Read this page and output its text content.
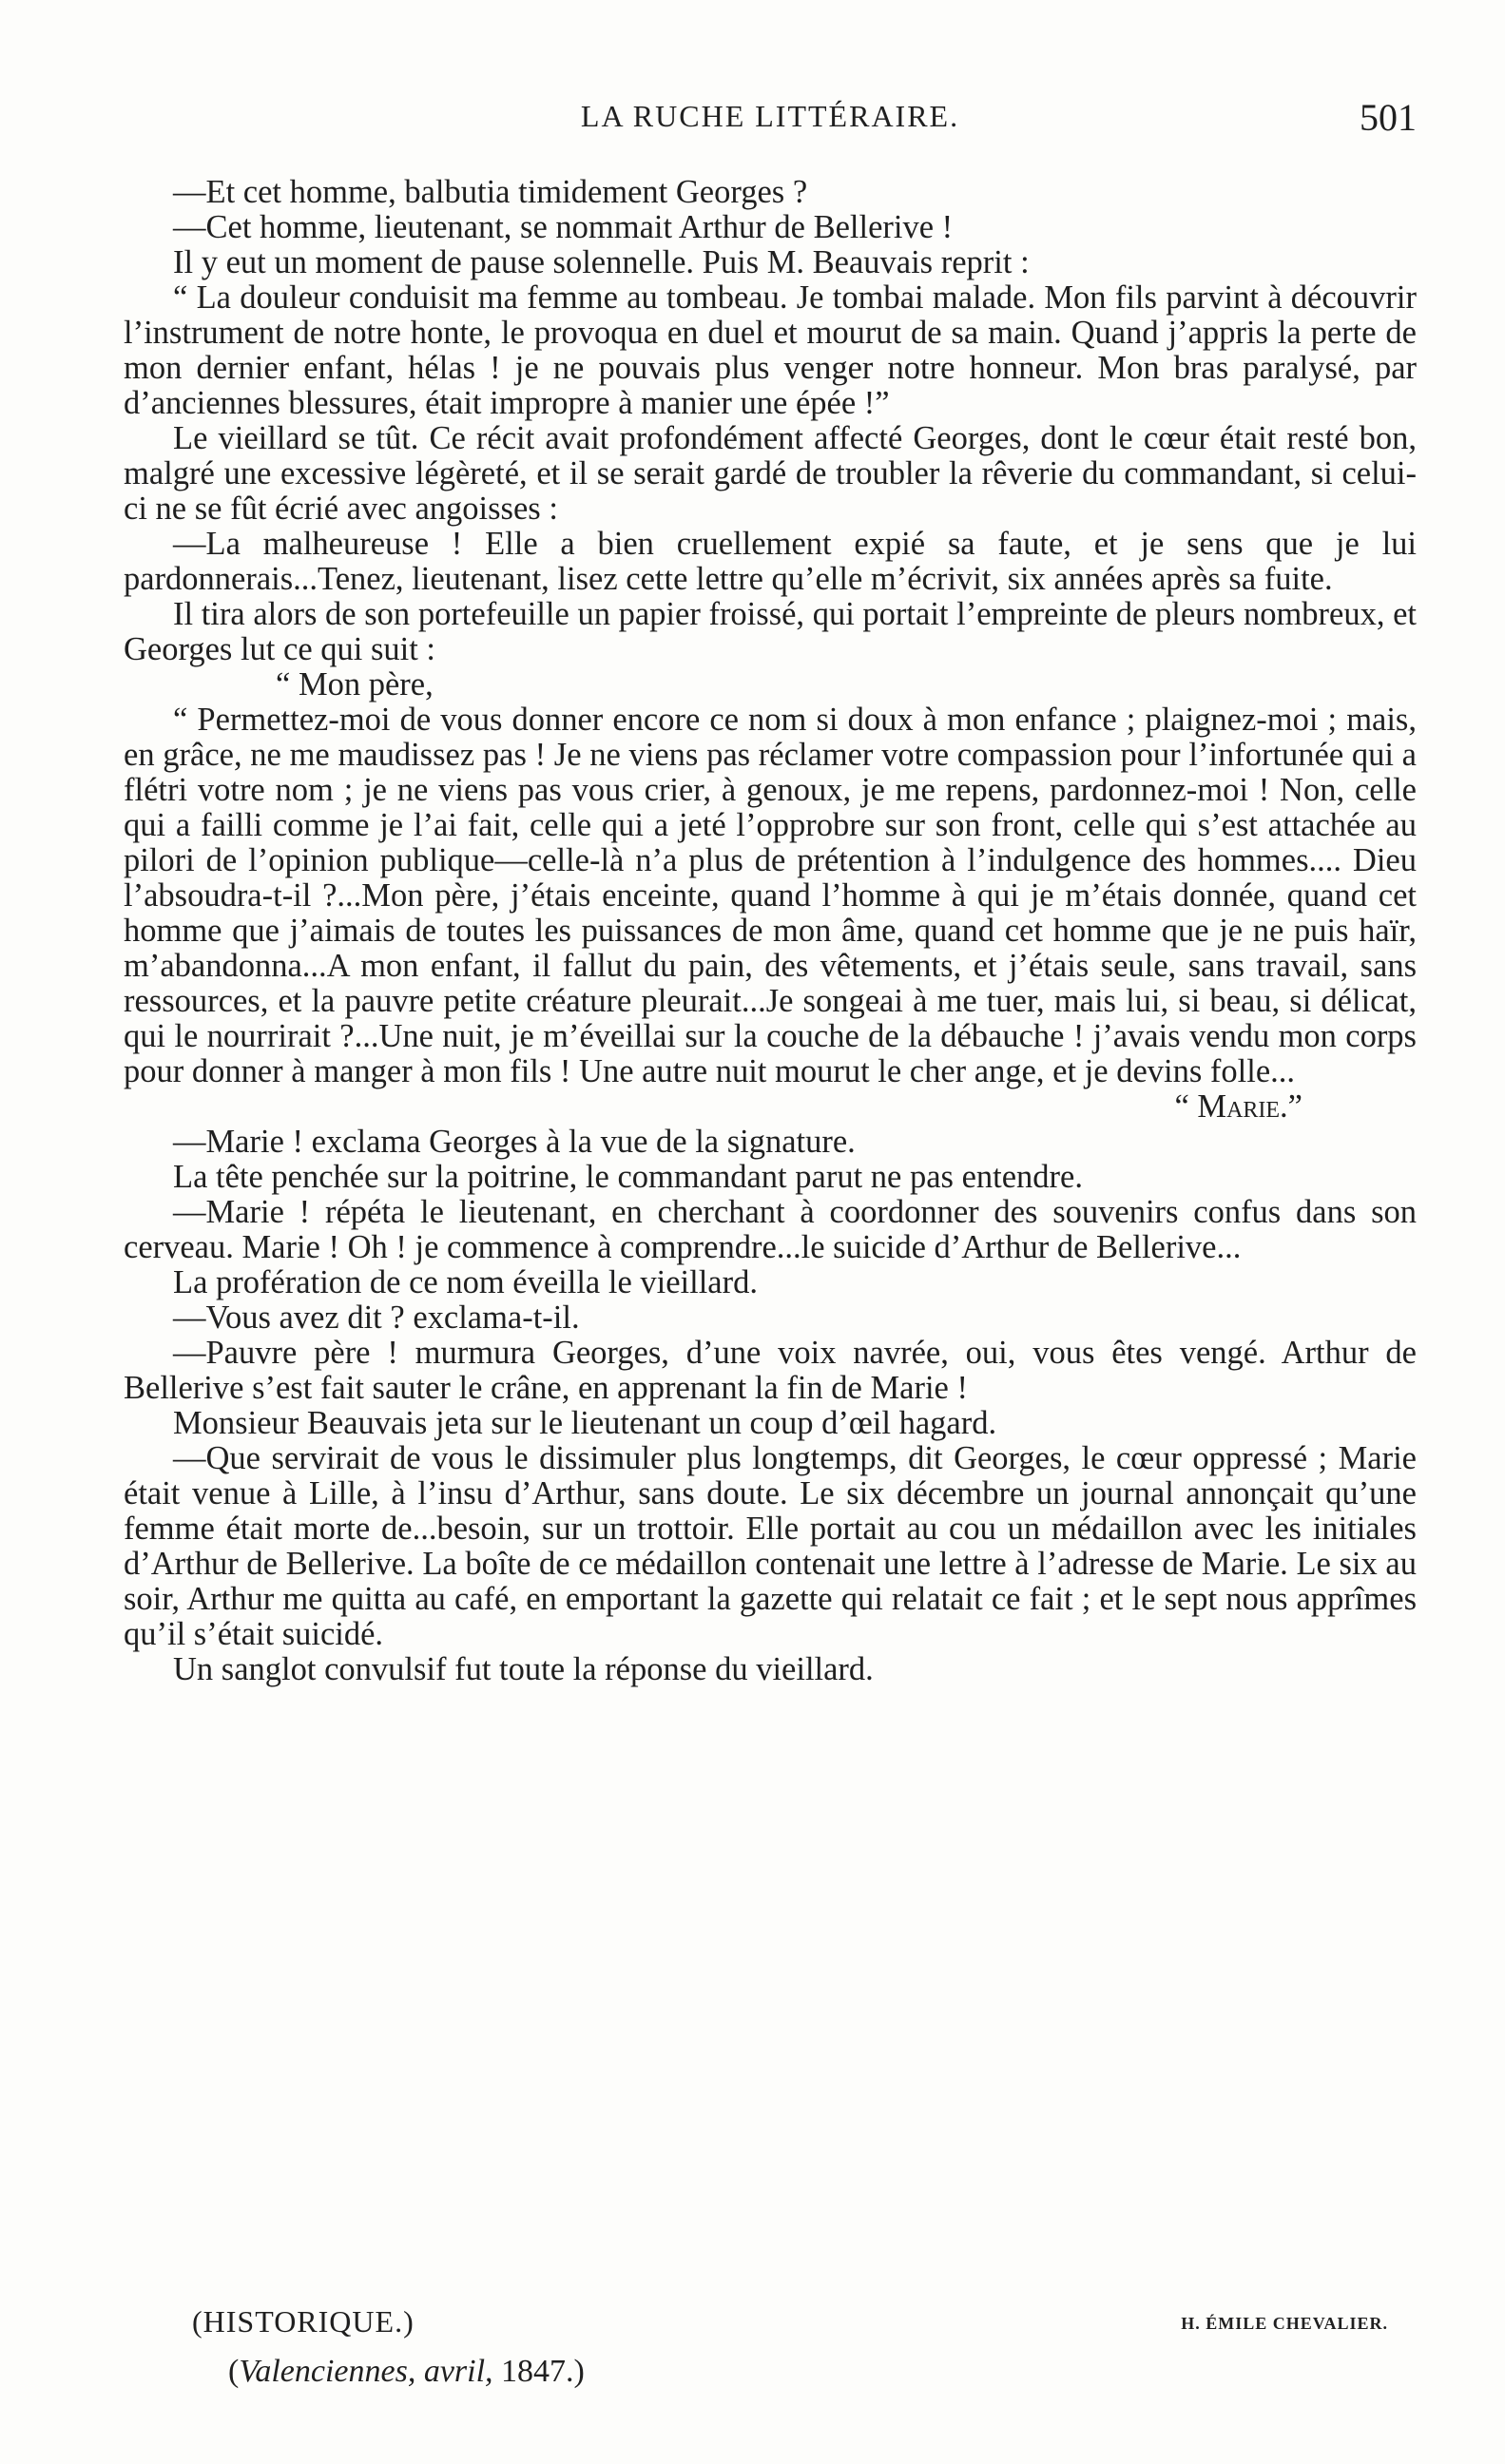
LA RUCHE LITTÉRAIRE.	501

—Et cet homme, balbutia timidement Georges ?

—Cet homme, lieutenant, se nommait Arthur de Bellerive !

Il y eut un moment de pause solennelle. Puis M. Beauvais reprit :

“ La douleur conduisit ma femme au tombeau. Je tombai malade. Mon fils parvint à découvrir l’instrument de notre honte, le provoqua en duel et mourut de sa main. Quand j’appris la perte de mon dernier enfant, hélas ! je ne pouvais plus venger notre honneur. Mon bras paralysé, par d’anciennes blessures, était impropre à manier une épée !”

Le vieillard se tût. Ce récit avait profondément affecté Georges, dont le cœur était resté bon, malgré une excessive légèreté, et il se serait gardé de troubler la rêverie du commandant, si celui-ci ne se fût écrié avec angoisses :

—La malheureuse ! Elle a bien cruellement expié sa faute, et je sens que je lui pardonnerais...Tenez, lieutenant, lisez cette lettre qu’elle m’écrivit, six années après sa fuite.

Il tira alors de son portefeuille un papier froissé, qui portait l’empreinte de pleurs nombreux, et Georges lut ce qui suit :

“ Mon père,

“ Permettez-moi de vous donner encore ce nom si doux à mon enfance ; plaignez-moi ; mais, en grâce, ne me maudissez pas ! Je ne viens pas réclamer votre compassion pour l’infortunée qui a flétri votre nom ; je ne viens pas vous crier, à genoux, je me repens, pardonnez-moi ! Non, celle qui a failli comme je l’ai fait, celle qui a jeté l’opprobre sur son front, celle qui s’est attachée au pilori de l’opinion publique—celle-là n’a plus de prétention à l’indulgence des hommes.... Dieu l’absoudra-t-il ?...Mon père, j’étais enceinte, quand l’homme à qui je m’étais donnée, quand cet homme que j’aimais de toutes les puissances de mon âme, quand cet homme que je ne puis haïr, m’abandonna...A mon enfant, il fallut du pain, des vêtements, et j’étais seule, sans travail, sans ressources, et la pauvre petite créature pleurait...Je songeai à me tuer, mais lui, si beau, si délicat, qui le nourrirait ?...Une nuit, je m’éveillai sur la couche de la débauche ! j’avais vendu mon corps pour donner à manger à mon fils ! Une autre nuit mourut le cher ange, et je devins folle...

“ Marie.”

—Marie ! exclama Georges à la vue de la signature.

La tête penchée sur la poitrine, le commandant parut ne pas entendre.

—Marie ! répéta le lieutenant, en cherchant à coordonner des souvenirs confus dans son cerveau. Marie ! Oh ! je commence à comprendre...le suicide d’Arthur de Bellerive...

La profération de ce nom éveilla le vieillard.

—Vous avez dit ? exclama-t-il.

—Pauvre père ! murmura Georges, d’une voix navrée, oui, vous êtes vengé. Arthur de Bellerive s’est fait sauter le crâne, en apprenant la fin de Marie !

Monsieur Beauvais jeta sur le lieutenant un coup d’œil hagard.

—Que servirait de vous le dissimuler plus longtemps, dit Georges, le cœur oppressé ; Marie était venue à Lille, à l’insu d’Arthur, sans doute. Le six décembre un journal annonçait qu’une femme était morte de...besoin, sur un trottoir. Elle portait au cou un médaillon avec les initiales d’Arthur de Bellerive. La boîte de ce médaillon contenait une lettre à l’adresse de Marie. Le six au soir, Arthur me quitta au café, en emportant la gazette qui relatait ce fait ; et le sept nous apprîmes qu’il s’était suicidé.

Un sanglot convulsif fut toute la réponse du vieillard.

(HISTORIQUE.)	H. ÉMILE CHEVALIER.
(Valenciennes, avril, 1847.)
